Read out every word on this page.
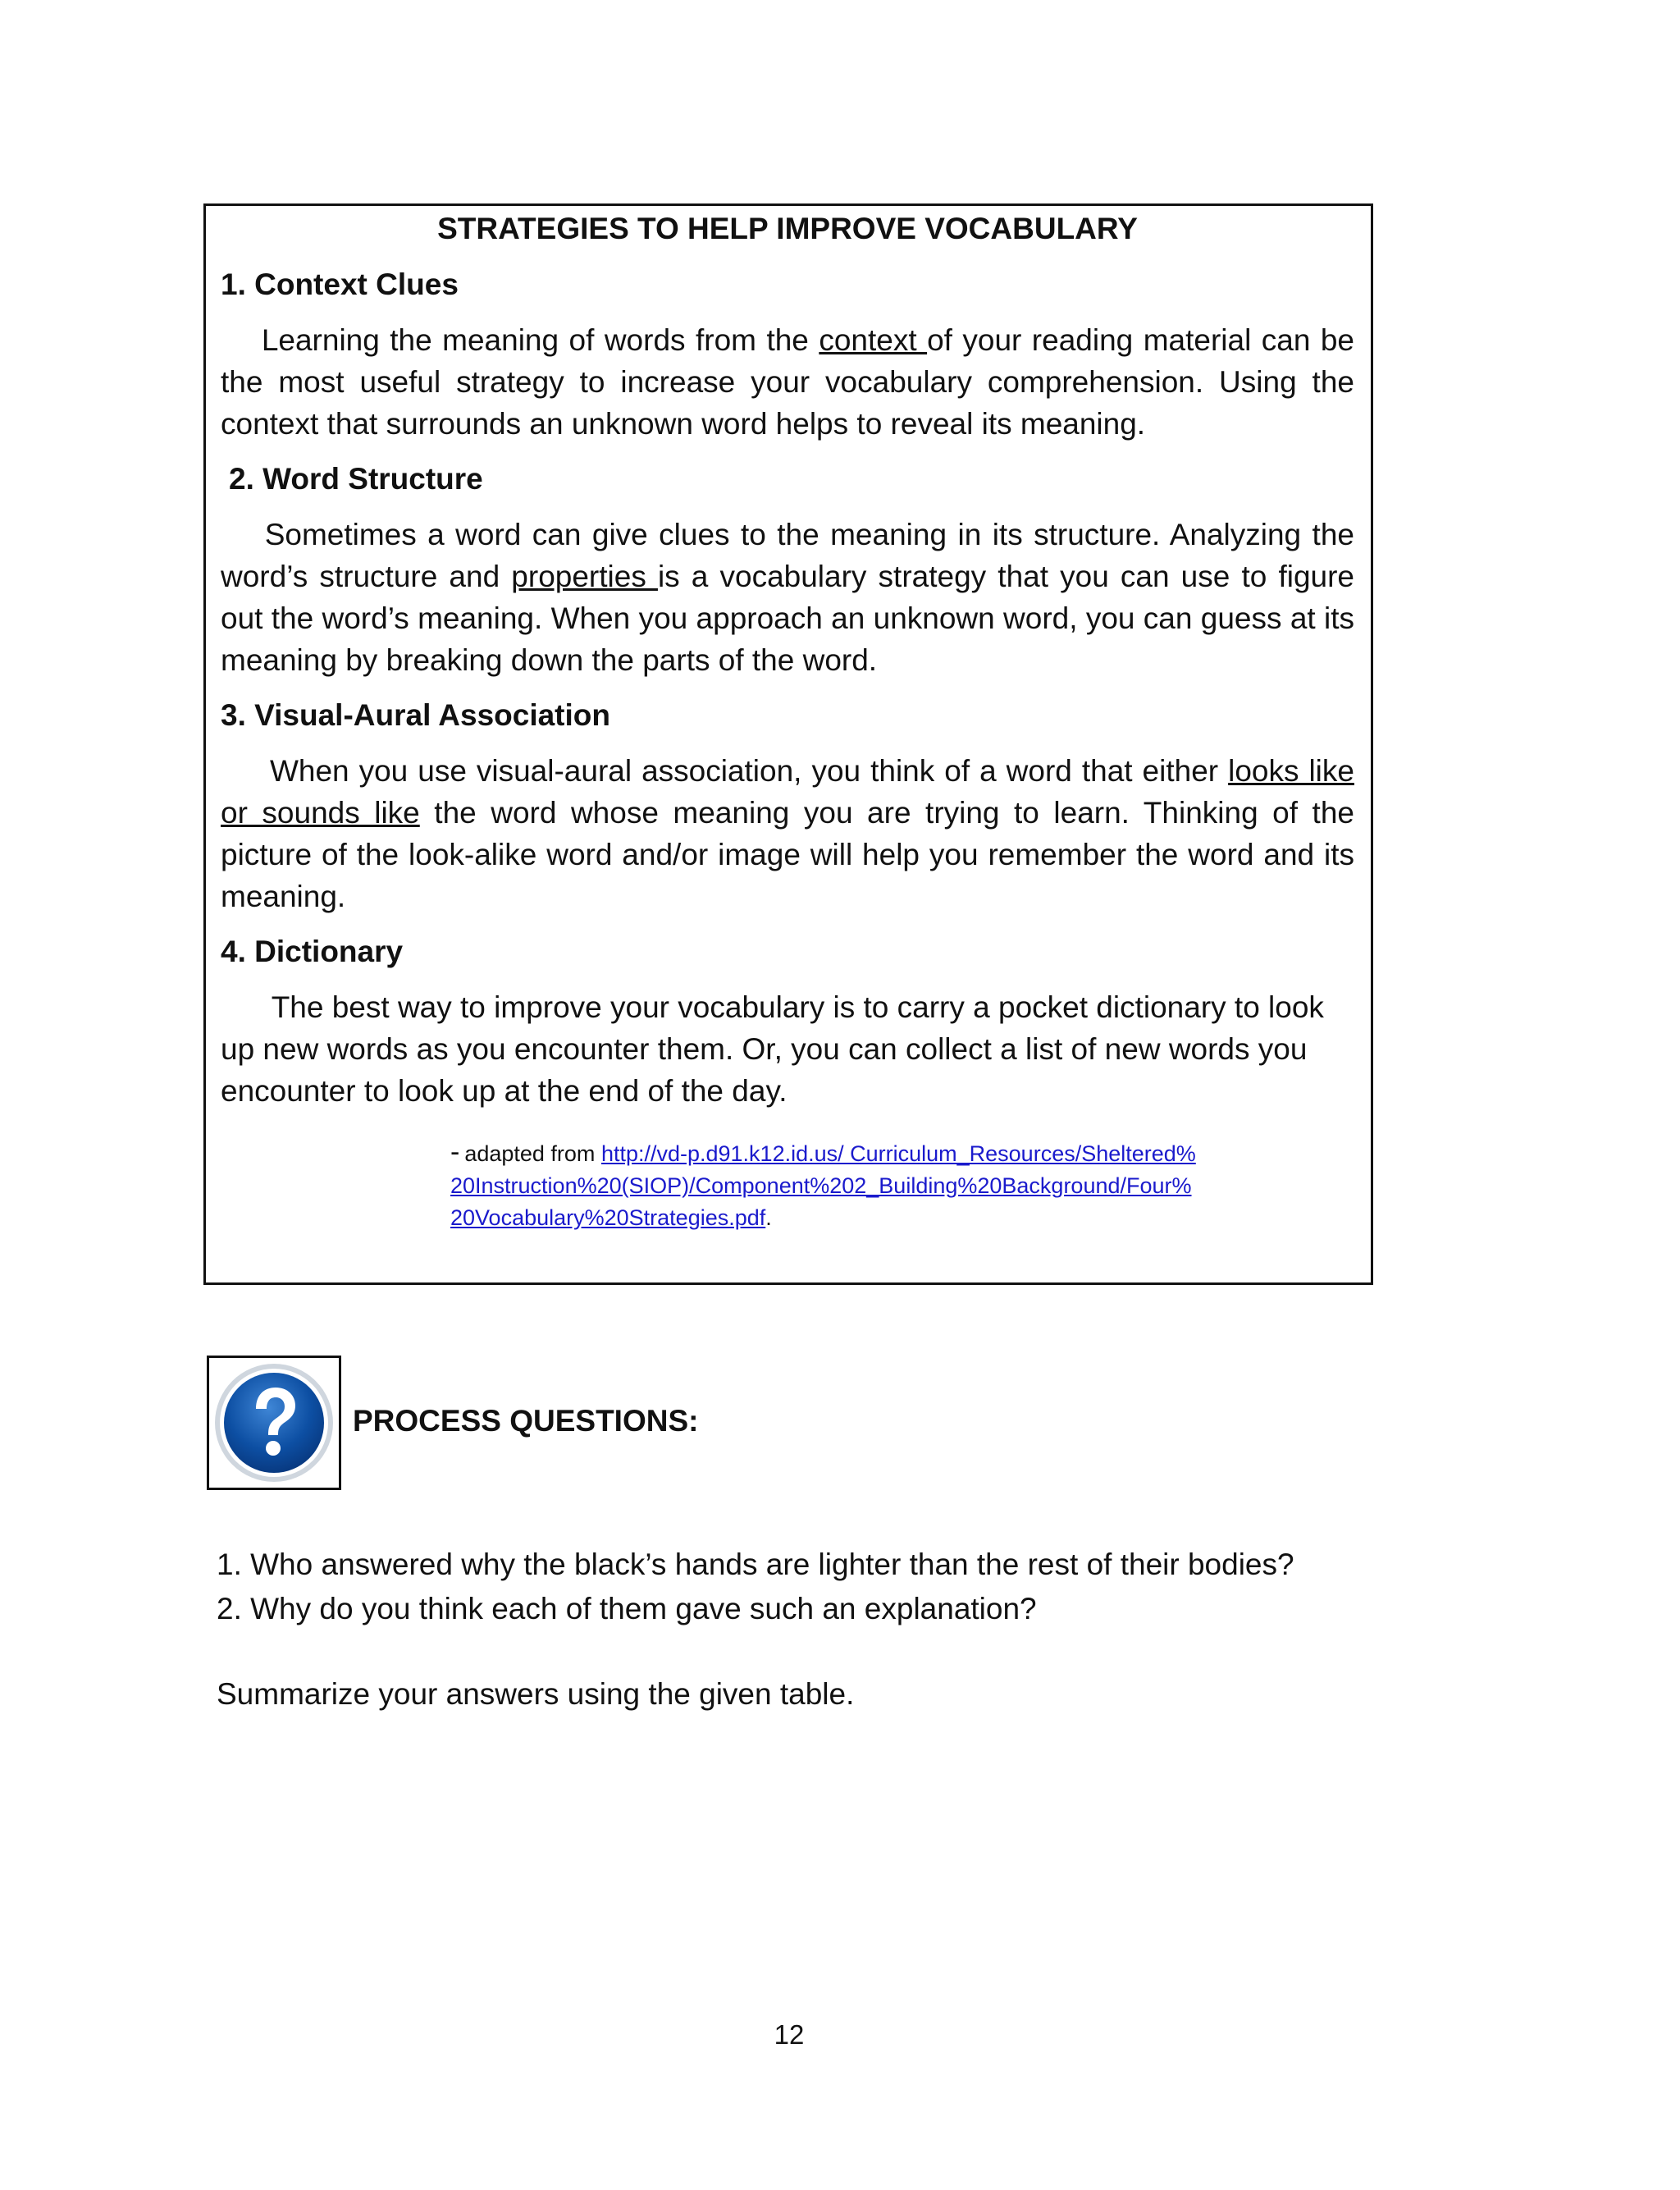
STRATEGIES TO HELP IMPROVE VOCABULARY
1. Context Clues
Learning the meaning of words from the context of your reading material can be the most useful strategy to increase your vocabulary comprehension. Using the context that surrounds an unknown word helps to reveal its meaning.
2. Word Structure
Sometimes a word can give clues to the meaning in its structure. Analyzing the word’s structure and properties is a vocabulary strategy that you can use to figure out the word’s meaning. When you approach an unknown word, you can guess at its meaning by breaking down the parts of the word.
3. Visual-Aural Association
When you use visual-aural association, you think of a word that either looks like or sounds like the word whose meaning you are trying to learn. Thinking of the picture of the look-alike word and/or image will help you remember the word and its meaning.
4. Dictionary
The best way to improve your vocabulary is to carry a pocket dictionary to look up new words as you encounter them. Or, you can collect a list of new words you encounter to look up at the end of the day.
- adapted from http://vd-p.d91.k12.id.us/ Curriculum_Resources/Sheltered%
20Instruction%20(SIOP)/Component%202_Building%20Background/Four%
20Vocabulary%20Strategies.pdf.
PROCESS QUESTIONS:
1. Who answered why the black’s hands are lighter than the rest of their bodies?
2. Why do you think each of them gave such an explanation?
Summarize your answers using the given table.
12
